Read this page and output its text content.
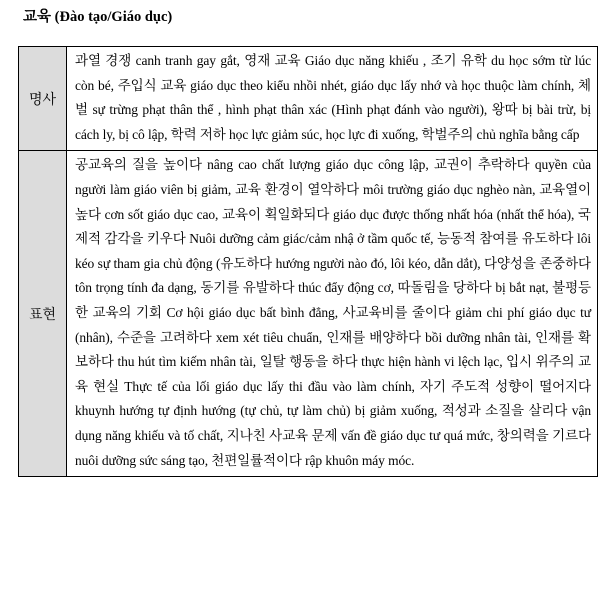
교육 (Đào tạo/Giáo dục)
명사	과열 경쟁 canh tranh gay gắt, 영재 교육 Giáo dục năng khiếu , 조기 유학 du học sớm từ lúc còn bé, 주입식 교육 giáo dục theo kiểu nhồi nhét, giáo dục lấy nhớ và học thuộc làm chính, 체벌 sự trừng phạt thân thể , hình phạt thân xác (Hình phạt đánh vào người), 왕따 bị bài trừ, bị cách ly, bị cô lập, 학력 저하 học lực giảm súc, học lực đi xuống, 학벌주의 chủ nghĩa bằng cấp
표현	공교육의 질을 높이다 nâng cao chất lượng giáo dục công lập, 교권이 추락하다 quyền của người làm giáo viên bị giảm, 교육 환경이 열악하다 môi trường giáo dục nghèo nàn, 교육열이 높다 cơn sốt giáo dục cao, 교육이 획일화되다 giáo dục được thống nhất hóa (nhất thể hóa), 국제적 감각을 키우다 Nuôi dưỡng cảm giác/cảm nhậ ở tầm quốc tế, 능동적 참여를 유도하다 lôi kéo sự tham gia chủ động (유도하다 hướng người nào đó, lôi kéo, dẫn dắt), 다양성을 존중하다 tôn trọng tính đa dạng, 동기를 유발하다 thúc đẩy động cơ, 따돌림을 당하다 bị bắt nạt, 불평등한 교육의 기회 Cơ hội giáo dục bất bình đẳng, 사교육비를 줄이다 giảm chi phí giáo dục tư (nhân), 수준을 고려하다 xem xét tiêu chuẩn, 인재를 배양하다 bồi dưỡng nhân tài, 인재를 확보하다 thu hút tìm kiếm nhân tài, 일탈 행동을 하다 thực hiện hành vi lệch lạc, 입시 위주의 교육 현실 Thực tế của lối giáo dục lấy thi đầu vào làm chính, 자기 주도적 성향이 떨어지다 khuynh hướng tự định hướng (tự chủ, tự làm chủ) bị giảm xuống, 적성과 소질을 살리다 vận dụng năng khiếu và tố chất, 지나친 사교육 문제 vấn đề giáo dục tư quá mức, 창의력을 기르다 nuôi dưỡng sức sáng tạo, 천편일률적이다 rập khuôn máy móc.
